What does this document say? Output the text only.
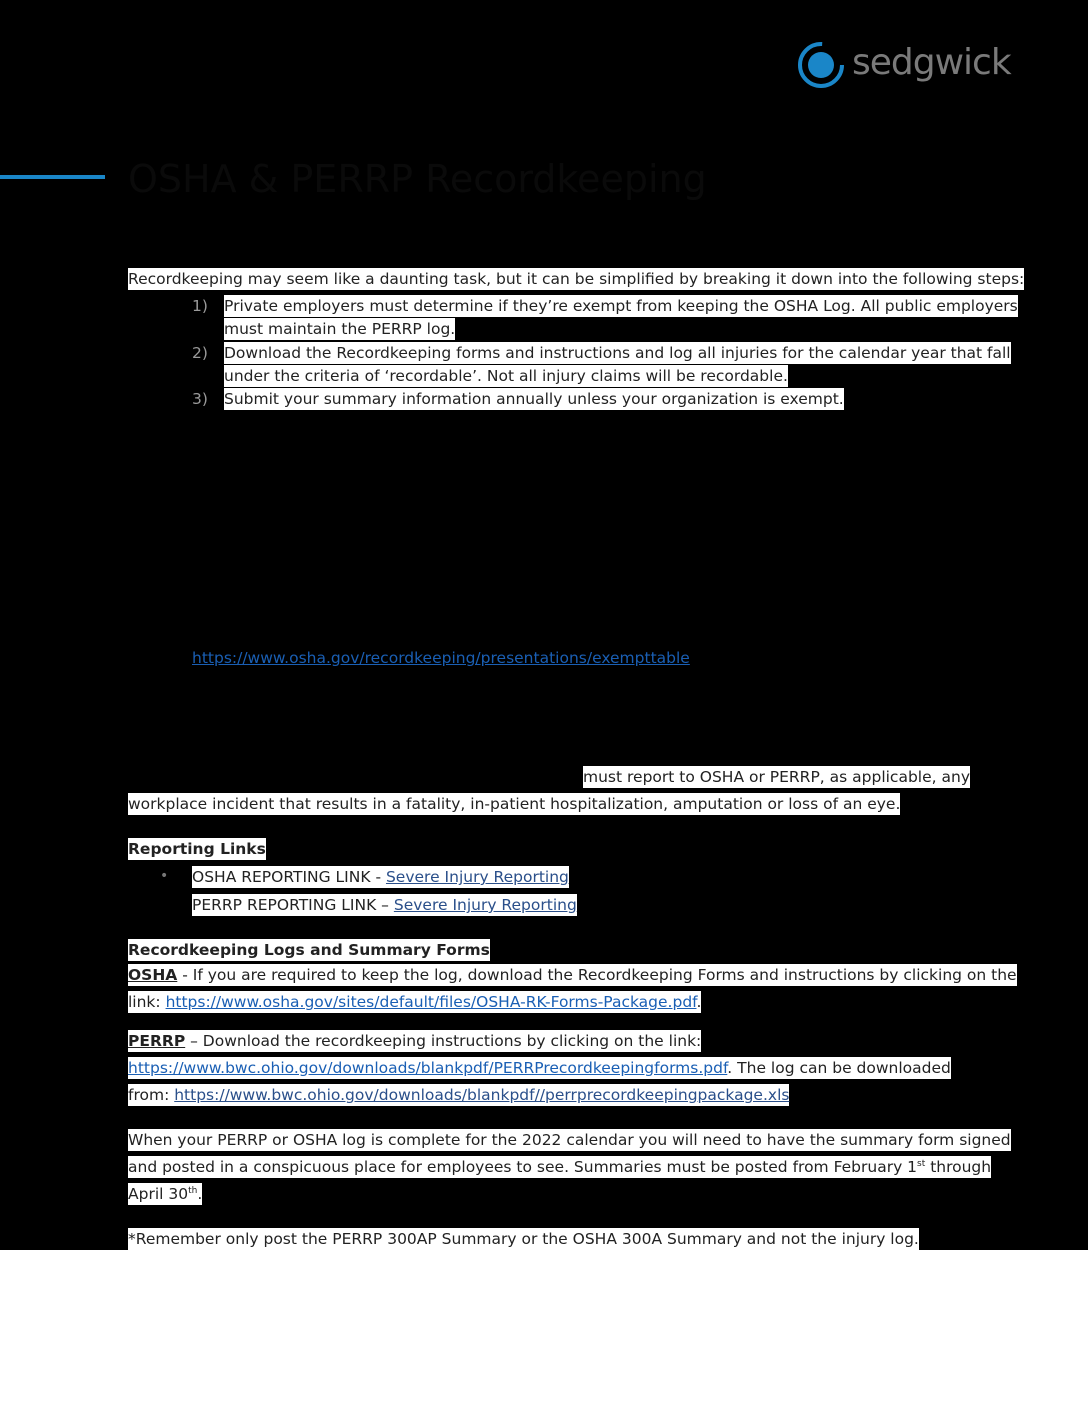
sedgwick
OSHA & PERRP Recordkeeping
Recordkeeping may seem like a daunting task, but it can be simplified by breaking it down into the following steps:
1) Private employers must determine if they’re exempt from keeping the OSHA Log. All public employers
must maintain the PERRP log.
2) Download the Recordkeeping forms and instructions and log all injuries for the calendar year that fall
under the criteria of ‘recordable’. Not all injury claims will be recordable.
3) Submit your summary information annually unless your organization is exempt.
https://www.osha.gov/recordkeeping/presentations/exempttable
must report to OSHA or PERRP, as applicable, any
workplace incident that results in a fatality, in-patient hospitalization, amputation or loss of an eye.
Reporting Links
• OSHA REPORTING LINK - Severe Injury Reporting
PERRP REPORTING LINK – Severe Injury Reporting
Recordkeeping Logs and Summary Forms
OSHA - If you are required to keep the log, download the Recordkeeping Forms and instructions by clicking on the
link: https://www.osha.gov/sites/default/files/OSHA-RK-Forms-Package.pdf.
PERRP – Download the recordkeeping instructions by clicking on the link:
https://www.bwc.ohio.gov/downloads/blankpdf/PERRPrecordkeepingforms.pdf. The log can be downloaded
from: https://www.bwc.ohio.gov/downloads/blankpdf//perrprecordkeepingpackage.xls
When your PERRP or OSHA log is complete for the 2022 calendar you will need to have the summary form signed
and posted in a conspicuous place for employees to see. Summaries must be posted from February 1st through
April 30th.
*Remember only post the PERRP 300AP Summary or the OSHA 300A Summary and not the injury log.
